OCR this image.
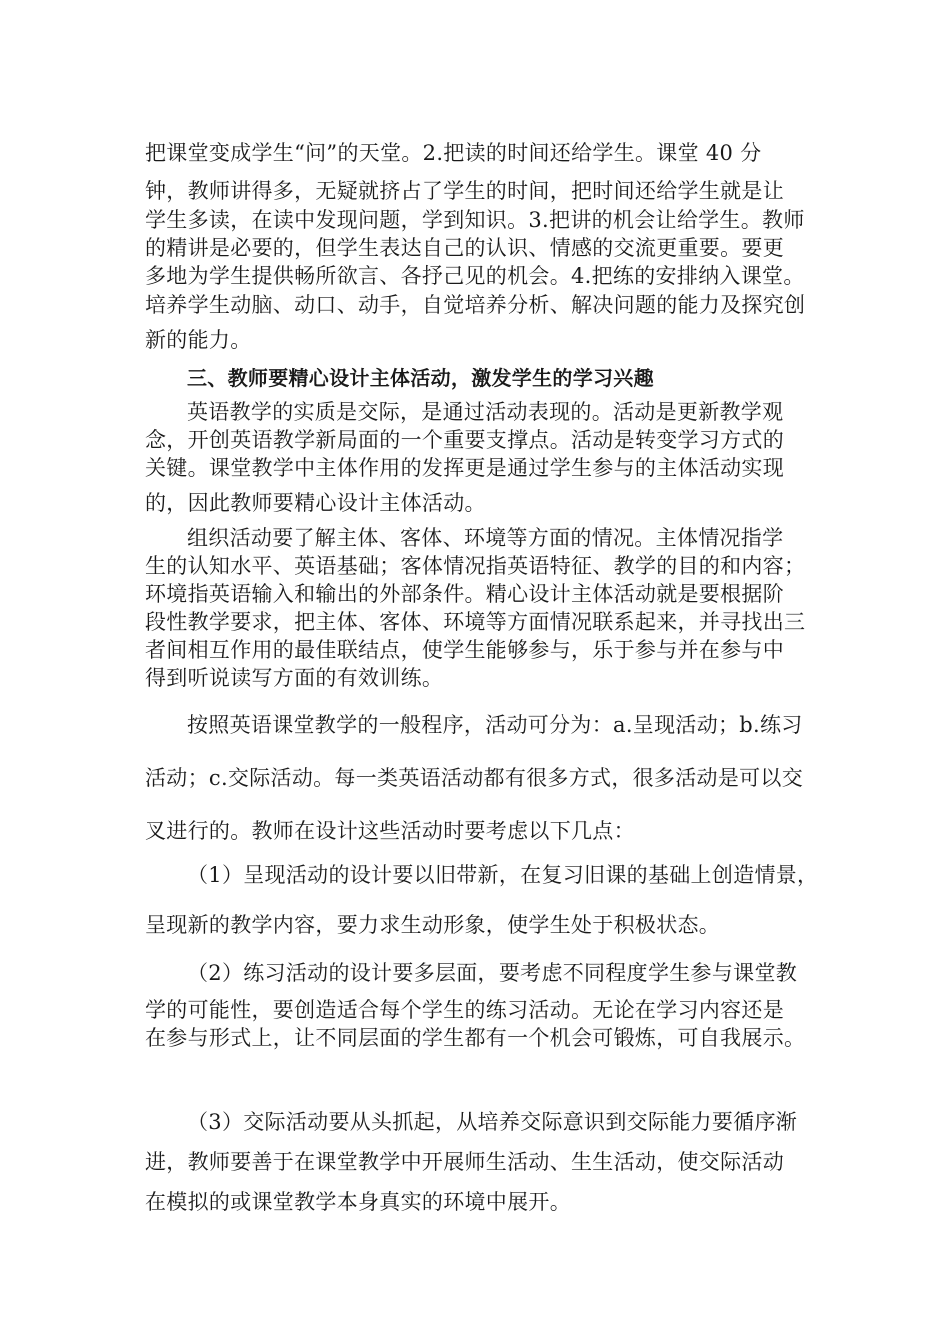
把课堂变成学生“问”的天堂。2.把读的时间还给学生。课堂 40 分
钟，教师讲得多，无疑就挤占了学生的时间，把时间还给学生就是让
学生多读，在读中发现问题，学到知识。3.把讲的机会让给学生。教师
的精讲是必要的，但学生表达自己的认识、情感的交流更重要。要更
多地为学生提供畅所欲言、各抒己见的机会。4.把练的安排纳入课堂。
培养学生动脑、动口、动手，自觉培养分析、解决问题的能力及探究创
新的能力。
三、教师要精心设计主体活动，激发学生的学习兴趣
英语教学的实质是交际，是通过活动表现的。活动是更新教学观
念，开创英语教学新局面的一个重要支撑点。活动是转变学习方式的
关键。课堂教学中主体作用的发挥更是通过学生参与的主体活动实现
的，因此教师要精心设计主体活动。
组织活动要了解主体、客体、环境等方面的情况。主体情况指学
生的认知水平、英语基础；客体情况指英语特征、教学的目的和内容；
环境指英语输入和输出的外部条件。精心设计主体活动就是要根据阶
段性教学要求，把主体、客体、环境等方面情况联系起来，并寻找出三
者间相互作用的最佳联结点，使学生能够参与，乐于参与并在参与中
得到听说读写方面的有效训练。
按照英语课堂教学的一般程序，活动可分为：a.呈现活动；b.练习
活动；c.交际活动。每一类英语活动都有很多方式，很多活动是可以交
叉进行的。教师在设计这些活动时要考虑以下几点：
（1）呈现活动的设计要以旧带新，在复习旧课的基础上创造情景，
呈现新的教学内容，要力求生动形象，使学生处于积极状态。
（2）练习活动的设计要多层面，要考虑不同程度学生参与课堂教
学的可能性，要创造适合每个学生的练习活动。无论在学习内容还是
在参与形式上，让不同层面的学生都有一个机会可锻炼，可自我展示。
（3）交际活动要从头抓起，从培养交际意识到交际能力要循序渐
进，教师要善于在课堂教学中开展师生活动、生生活动，使交际活动
在模拟的或课堂教学本身真实的环境中展开。
